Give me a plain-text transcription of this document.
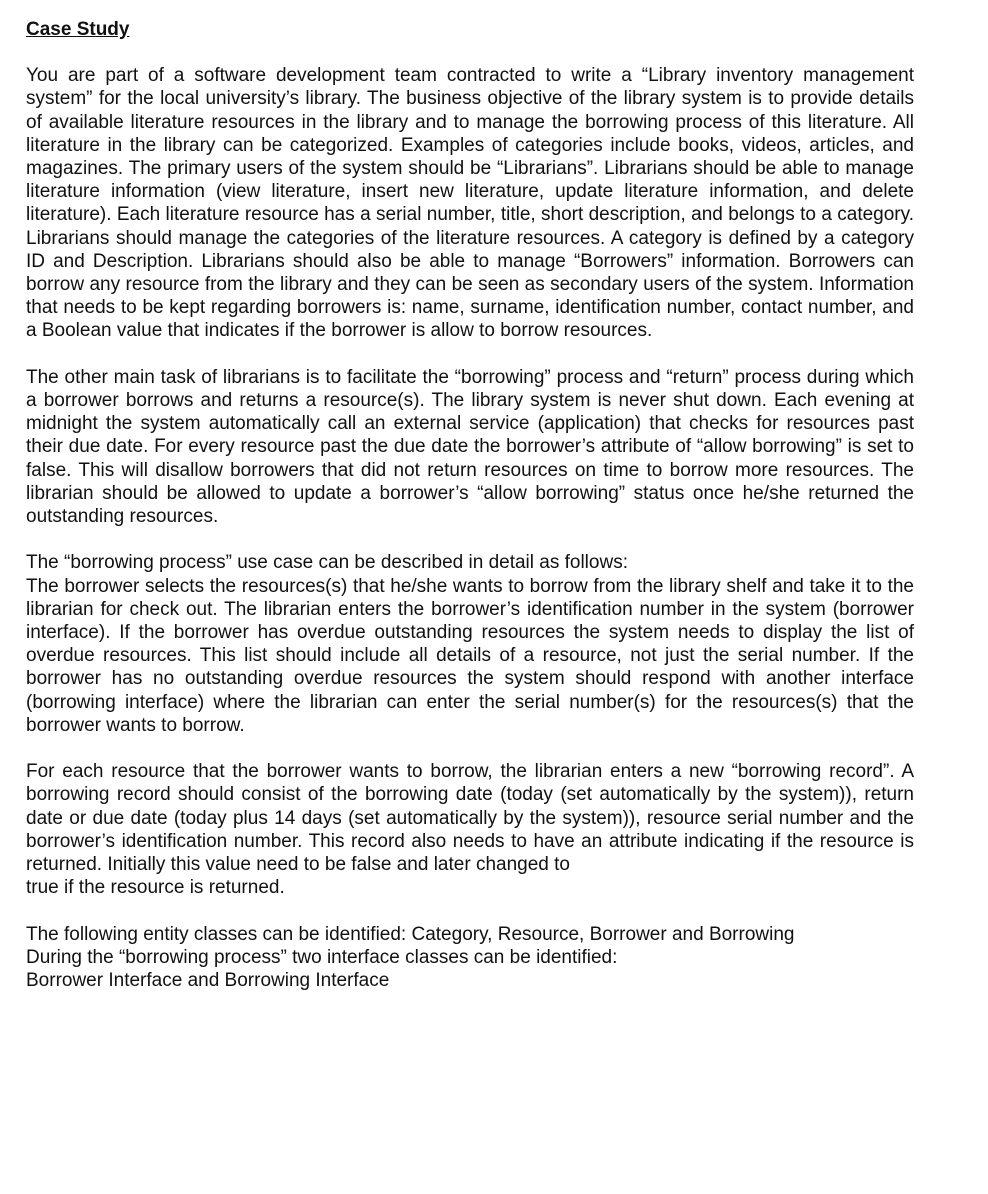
Case Study

You are part of a software development team contracted to write a “Library inventory management system” for the local university’s library. The business objective of the library system is to provide details of available literature resources in the library and to manage the borrowing process of this literature. All literature in the library can be categorized. Examples of categories include books, videos, articles, and magazines. The primary users of the system should be “Librarians”. Librarians should be able to manage literature information (view literature, insert new literature, update literature information, and delete literature). Each literature resource has a serial number, title, short description, and belongs to a category. Librarians should manage the categories of the literature resources. A category is defined by a category ID and Description. Librarians should also be able to manage “Borrowers” information. Borrowers can borrow any resource from the library and they can be seen as secondary users of the system. Information that needs to be kept regarding borrowers is: name, surname, identification number, contact number, and a Boolean value that indicates if the borrower is allow to borrow resources.

The other main task of librarians is to facilitate the “borrowing” process and “return” process during which a borrower borrows and returns a resource(s). The library system is never shut down. Each evening at midnight the system automatically call an external service (application) that checks for resources past their due date. For every resource past the due date the borrower’s attribute of “allow borrowing” is set to false. This will disallow borrowers that did not return resources on time to borrow more resources. The librarian should be allowed to update a borrower’s “allow borrowing” status once he/she returned the outstanding resources.

The “borrowing process” use case can be described in detail as follows:

The borrower selects the resources(s) that he/she wants to borrow from the library shelf and take it to the librarian for check out. The librarian enters the borrower’s identification number in the system (borrower interface). If the borrower has overdue outstanding resources the system needs to display the list of overdue resources. This list should include all details of a resource, not just the serial number. If the borrower has no outstanding overdue resources the system should respond with another interface (borrowing interface) where the librarian can enter the serial number(s) for the resources(s) that the borrower wants to borrow.

For each resource that the borrower wants to borrow, the librarian enters a new “borrowing record”. A borrowing record should consist of the borrowing date (today (set automatically by the system)), return date or due date (today plus 14 days (set automatically by the system)), resource serial number and the borrower’s identification number. This record also needs to have an attribute indicating if the resource is returned. Initially this value need to be false and later changed to

true if the resource is returned.

The following entity classes can be identified: Category, Resource, Borrower and Borrowing
During the “borrowing process” two interface classes can be identified:
Borrower Interface and Borrowing Interface
